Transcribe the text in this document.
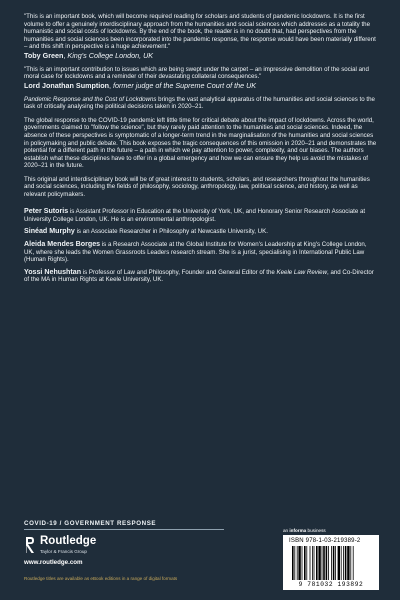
"This is an important book, which will become required reading for scholars and students of pandemic lockdowns. It is the first volume to offer a genuinely interdisciplinary approach from the humanities and social sciences which addresses as a totality the humanistic and social costs of lockdowns. By the end of the book, the reader is in no doubt that, had perspectives from the humanities and social sciences been incorporated into the pandemic response, the response would have been materially different – and this shift in perspective is a huge achievement."

Toby Green, King's College London, UK

"This is an important contribution to issues which are being swept under the carpet – an impressive demolition of the social and moral case for lockdowns and a reminder of their devastating collateral consequences."

Lord Jonathan Sumption, former judge of the Supreme Court of the UK

Pandemic Response and the Cost of Lockdowns brings the vast analytical apparatus of the humanities and social sciences to the task of critically analysing the political decisions taken in 2020–21.

The global response to the COVID-19 pandemic left little time for critical debate about the impact of lockdowns. Across the world, governments claimed to "follow the science", but they rarely paid attention to the humanities and social sciences. Indeed, the absence of these perspectives is symptomatic of a longer-term trend in the marginalisation of the humanities and social sciences in policymaking and public debate. This book exposes the tragic consequences of this omission in 2020–21 and demonstrates the potential for a different path in the future – a path in which we pay attention to power, complexity, and our biases. The authors establish what these disciplines have to offer in a global emergency and how we can ensure they help us avoid the mistakes of 2020–21 in the future.

This original and interdisciplinary book will be of great interest to students, scholars, and researchers throughout the humanities and social sciences, including the fields of philosophy, sociology, anthropology, law, political science, and history, as well as relevant policymakers.

Peter Sutoris is Assistant Professor in Education at the University of York, UK, and Honorary Senior Research Associate at University College London, UK. He is an environmental anthropologist.

Sinéad Murphy is an Associate Researcher in Philosophy at Newcastle University, UK.

Aleida Mendes Borges is a Research Associate at the Global Institute for Women's Leadership at King's College London, UK, where she leads the Women Grassroots Leaders research stream. She is a jurist, specialising in International Public Law (Human Rights).

Yossi Nehushtan is Professor of Law and Philosophy, Founder and General Editor of the Keele Law Review, and Co-Director of the MA in Human Rights at Keele University, UK.

COVID-19 / GOVERNMENT RESPONSE
Routledge
Taylor & Francis Group
www.routledge.com
Routledge titles are available as eBook editions in a range of digital formats
an informa business
ISBN 978-1-03-219389-2
9 781032 193892
